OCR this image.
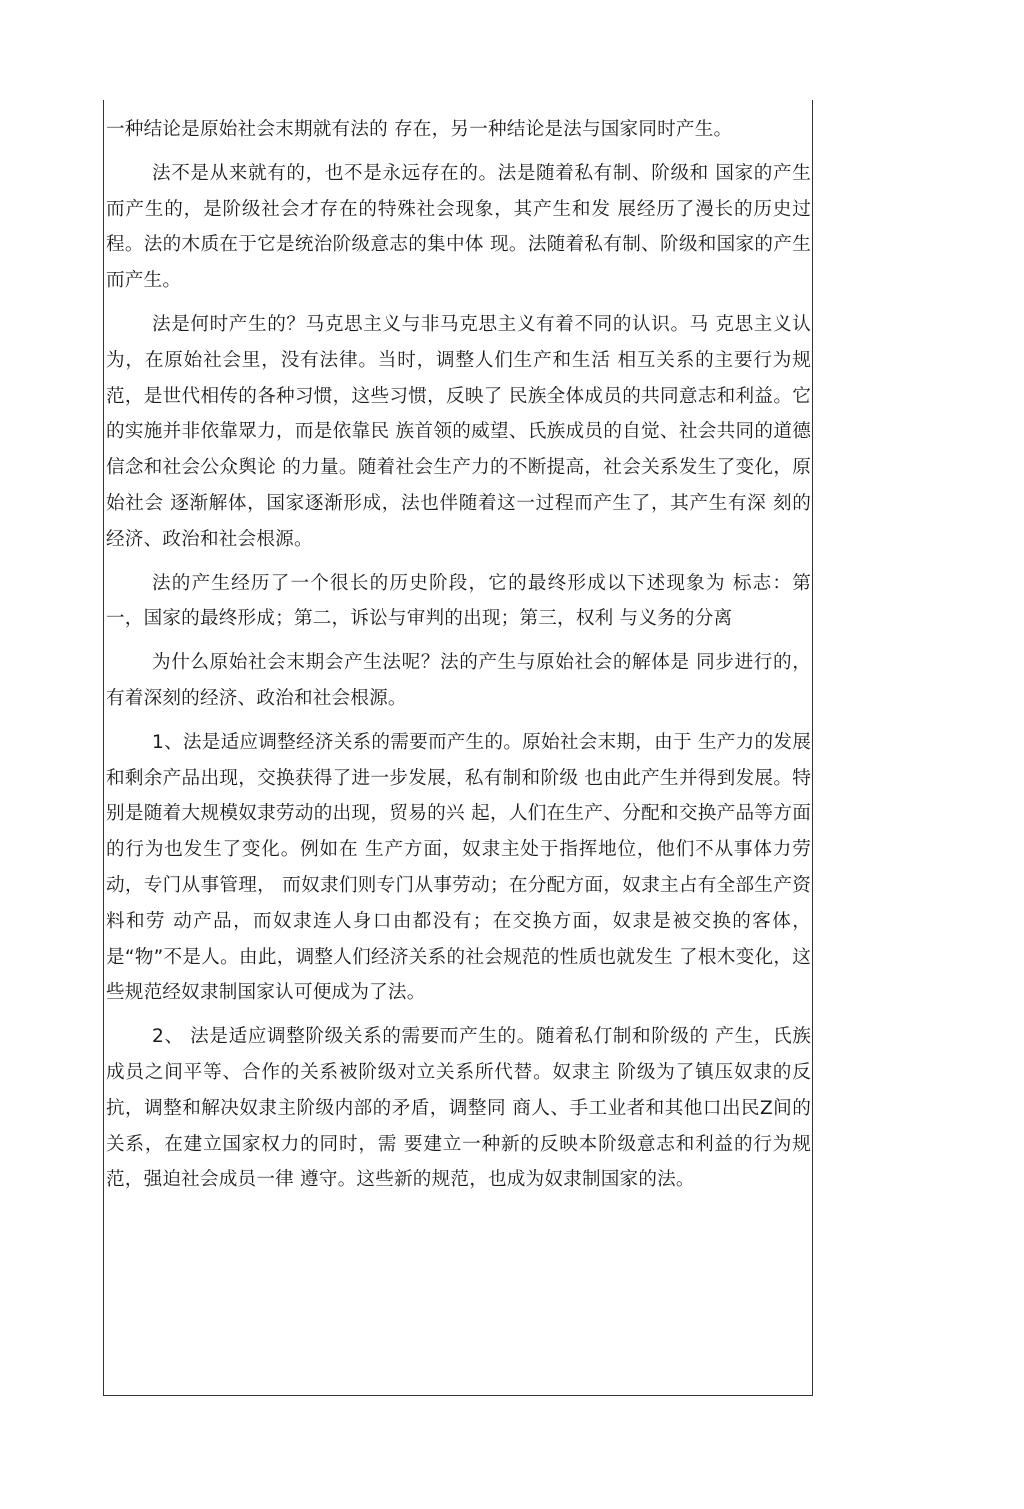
一种结论是原始社会末期就有法的 存在，另一种结论是法与国家同时产生。

法不是从来就有的，也不是永远存在的。法是随着私有制、阶级和 国家的产生而产生的，是阶级社会才存在的特殊社会现象，其产生和发 展经历了漫长的历史过程。法的木质在于它是统治阶级意志的集中体 现。法随着私有制、阶级和国家的产生而产生。

法是何时产生的？马克思主义与非马克思主义有着不同的认识。马 克思主义认为，在原始社会里，没有法律。当时，调整人们生产和生活 相互关系的主要行为规范，是世代相传的各种习惯，这些习惯，反映了 民族全体成员的共同意志和利益。它的实施并非依靠眾力，而是依靠民 族首领的威望、氏族成员的自觉、社会共同的道德信念和社会公众舆论 的力量。随着社会生产力的不断提高，社会关系发生了变化，原始社会 逐渐解体，国家逐渐形成，法也伴随着这一过程而产生了，其产生有深 刻的经济、政治和社会根源。

法的产生经历了一个很长的历史阶段，它的最终形成以下述现象为 标志：第一，国家的最终形成；第二，诉讼与审判的出现；第三，权利 与义务的分离

为什么原始社会末期会产生法呢？法的产生与原始社会的解体是 同步进行的，有着深刻的经济、政治和社会根源。

1、法是适应调整经济关系的需要而产生的。原始社会末期，由于 生产力的发展和剩余产品出现，交换获得了进一步发展，私有制和阶级 也由此产生并得到发展。特别是随着大规模奴隶劳动的出现，贸易的兴 起，人们在生产、分配和交换产品等方面的行为也发生了变化。例如在 生产方面，奴隶主处于指挥地位，他们不从事体力劳动，专门从事管理， 而奴隶们则专门从事劳动；在分配方面，奴隶主占有全部生产资料和劳 动产品，而奴隶连人身口由都没有；在交换方面，奴隶是被交换的客体，是“物”不是人。由此，调整人们经济关系的社会规范的性质也就发生 了根木变化，这些规范经奴隶制国家认可便成为了法。

2、 法是适应调整阶级关系的需要而产生的。随着私仃制和阶级的 产生，氏族成员之间平等、合作的关系被阶级对立关系所代替。奴隶主 阶级为了镇压奴隶的反抗，调整和解决奴隶主阶级内部的矛盾，调整同 商人、手工业者和其他口出民Z间的关系，在建立国家权力的同时，需 要建立一种新的反映本阶级意志和利益的行为规范，强迫社会成员一律 遵守。这些新的规范，也成为奴隶制国家的法。
